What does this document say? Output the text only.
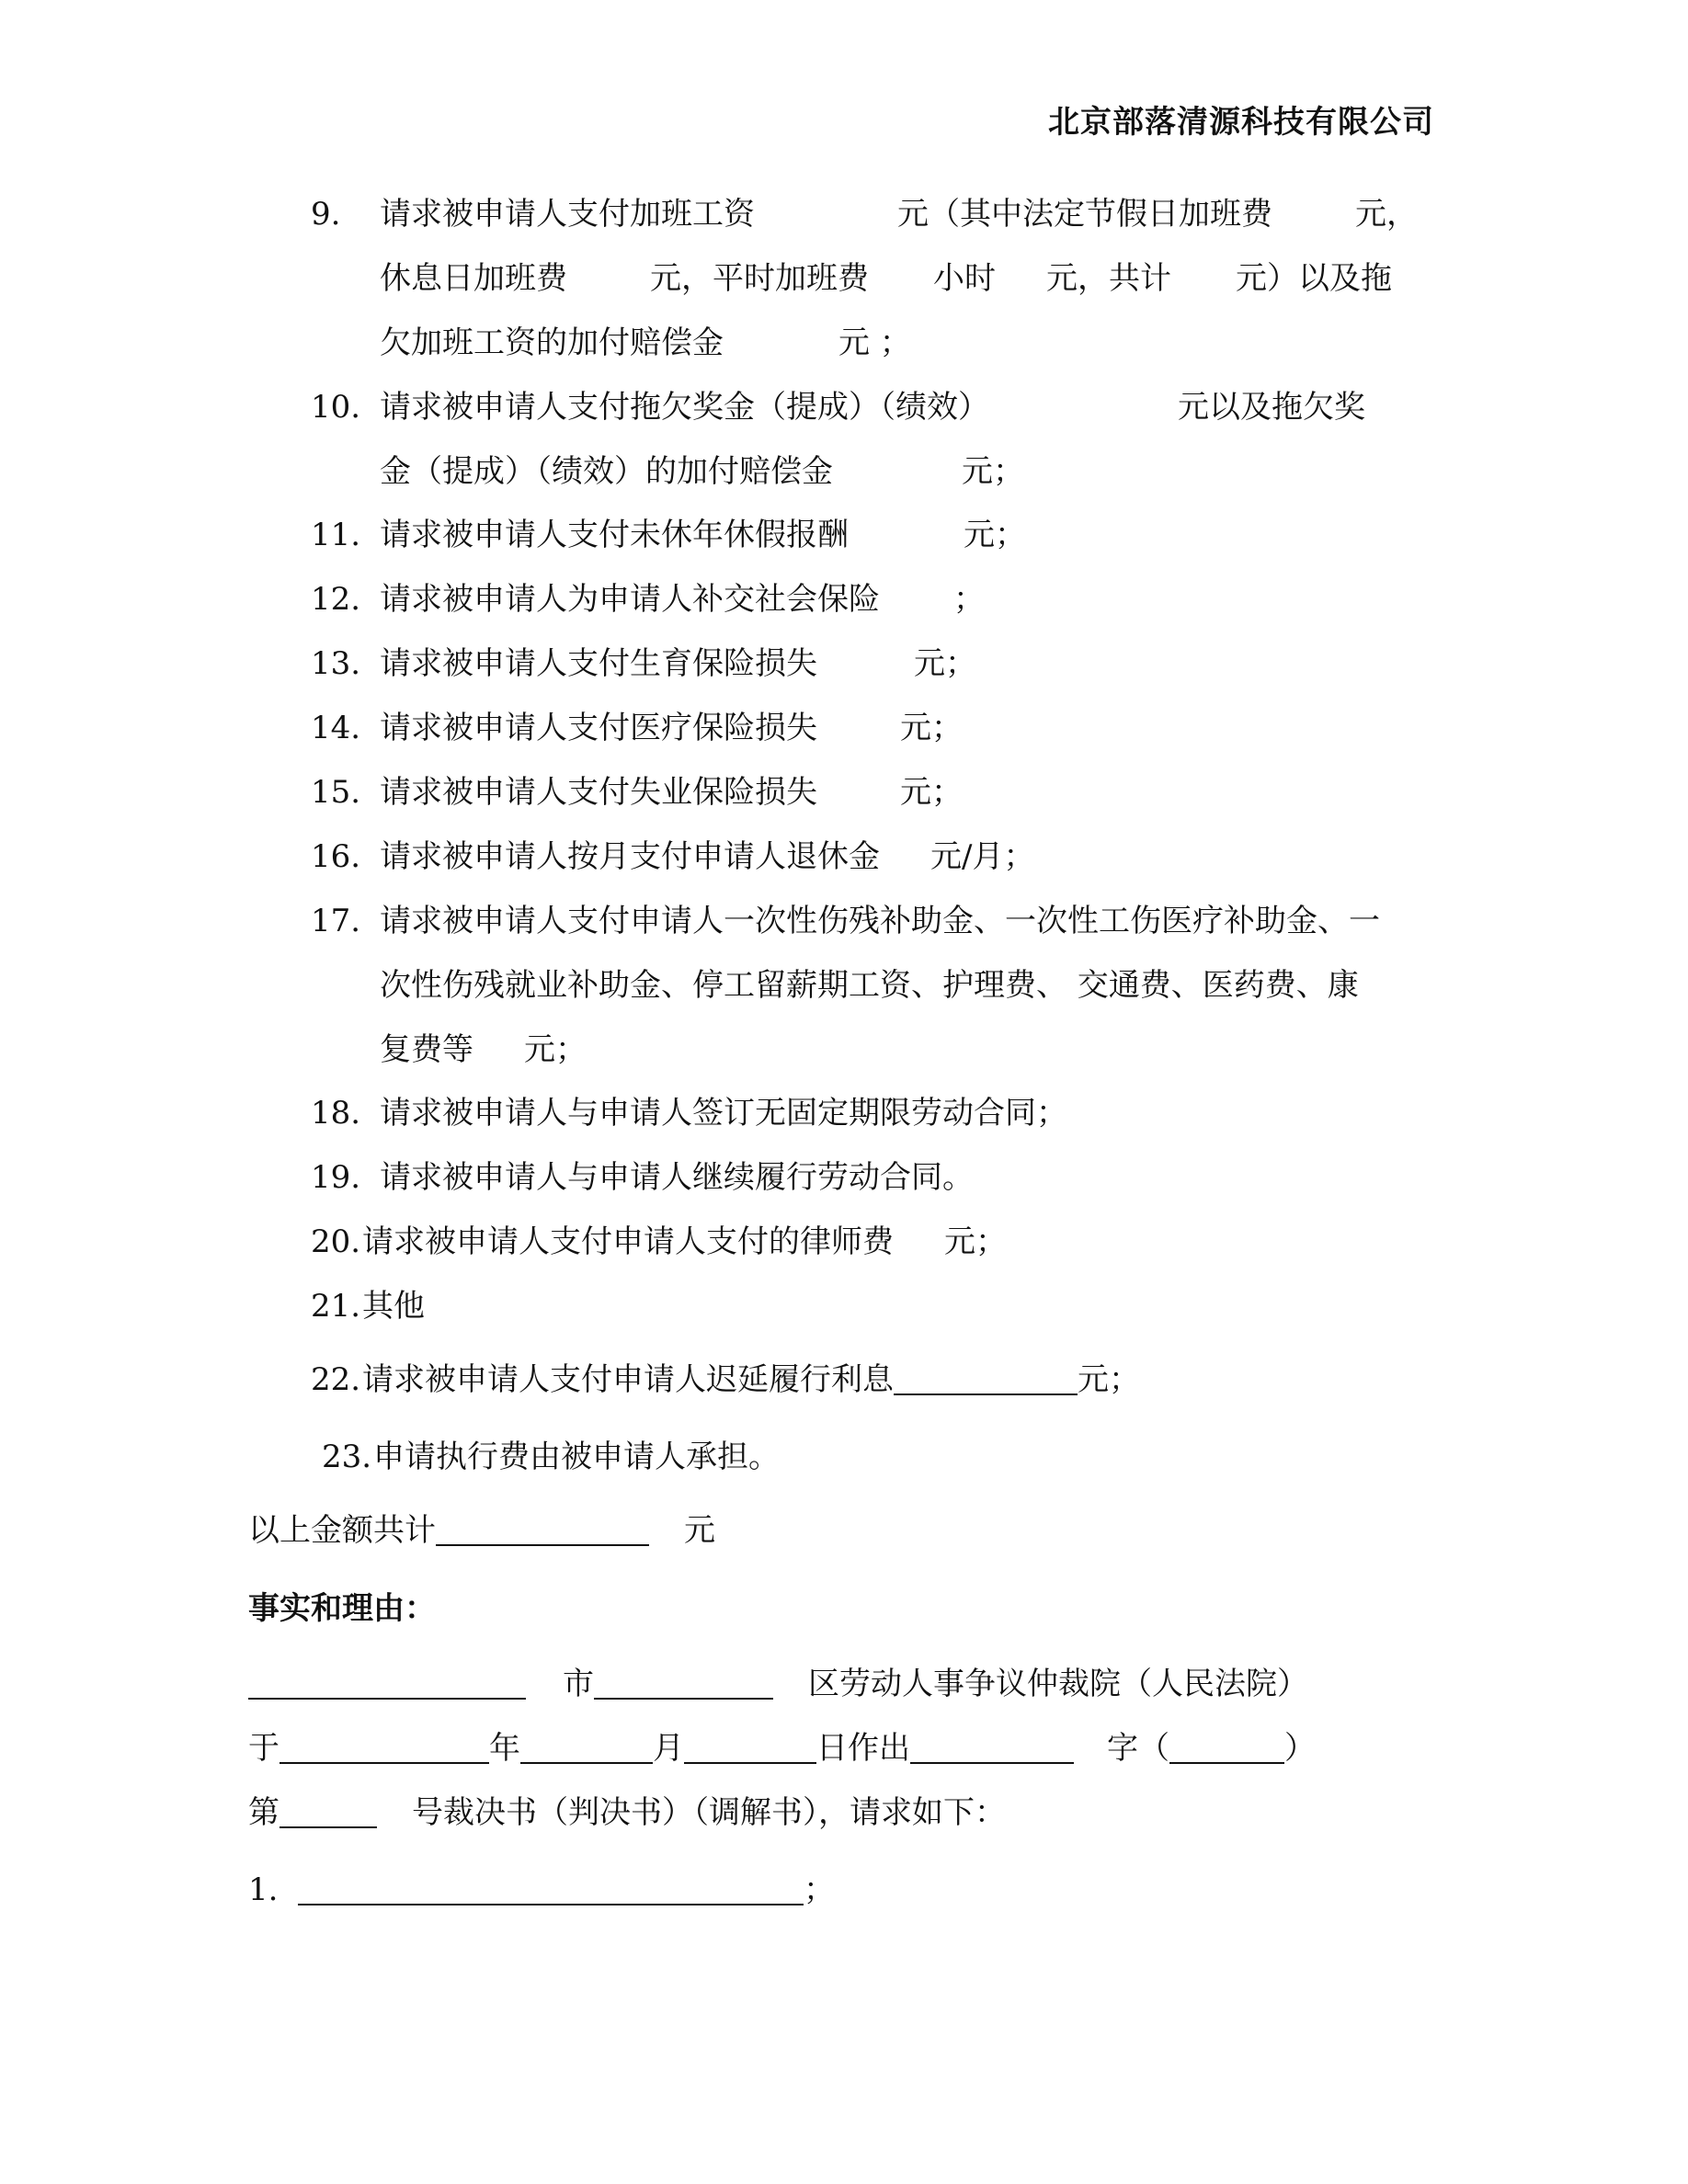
北京部落清源科技有限公司
9. 请求被申请人支付加班工资	元（其中法定节假日加班费	元，
休息日加班费	元，平时加班费 小时 元，共计 元）以及拖
欠加班工资的加付赔偿金	元 ；
10. 请求被申请人支付拖欠奖金（提成）（绩效）	元以及拖欠奖
金（提成）（绩效）的加付赔偿金	元；
11. 请求被申请人支付未休年休假报酬	元；
12. 请求被申请人为申请人补交社会保险 ；
13. 请求被申请人支付生育保险损失	元；
14. 请求被申请人支付医疗保险损失	元；
15. 请求被申请人支付失业保险损失	元；
16. 请求被申请人按月支付申请人退休金 元/月；
17. 请求被申请人支付申请人一次性伤残补助金、一次性工伤医疗补助金、一
次性伤残就业补助金、停工留薪期工资、护理费、 交通费、医药费、康
复费等 元；
18. 请求被申请人与申请人签订无固定期限劳动合同；
19. 请求被申请人与申请人继续履行劳动合同。
20.请求被申请人支付申请人支付的律师费 元；
21.其他
22.请求被申请人支付申请人迟延履行利息	元；
23.申请执行费由被申请人承担。
以上金额共计	元
事实和理由：
市	区劳动人事争议仲裁院（人民法院）
于	年	月	日作出	字（	）
第	号裁决书（判决书）（调解书），请求如下：
1.	；
